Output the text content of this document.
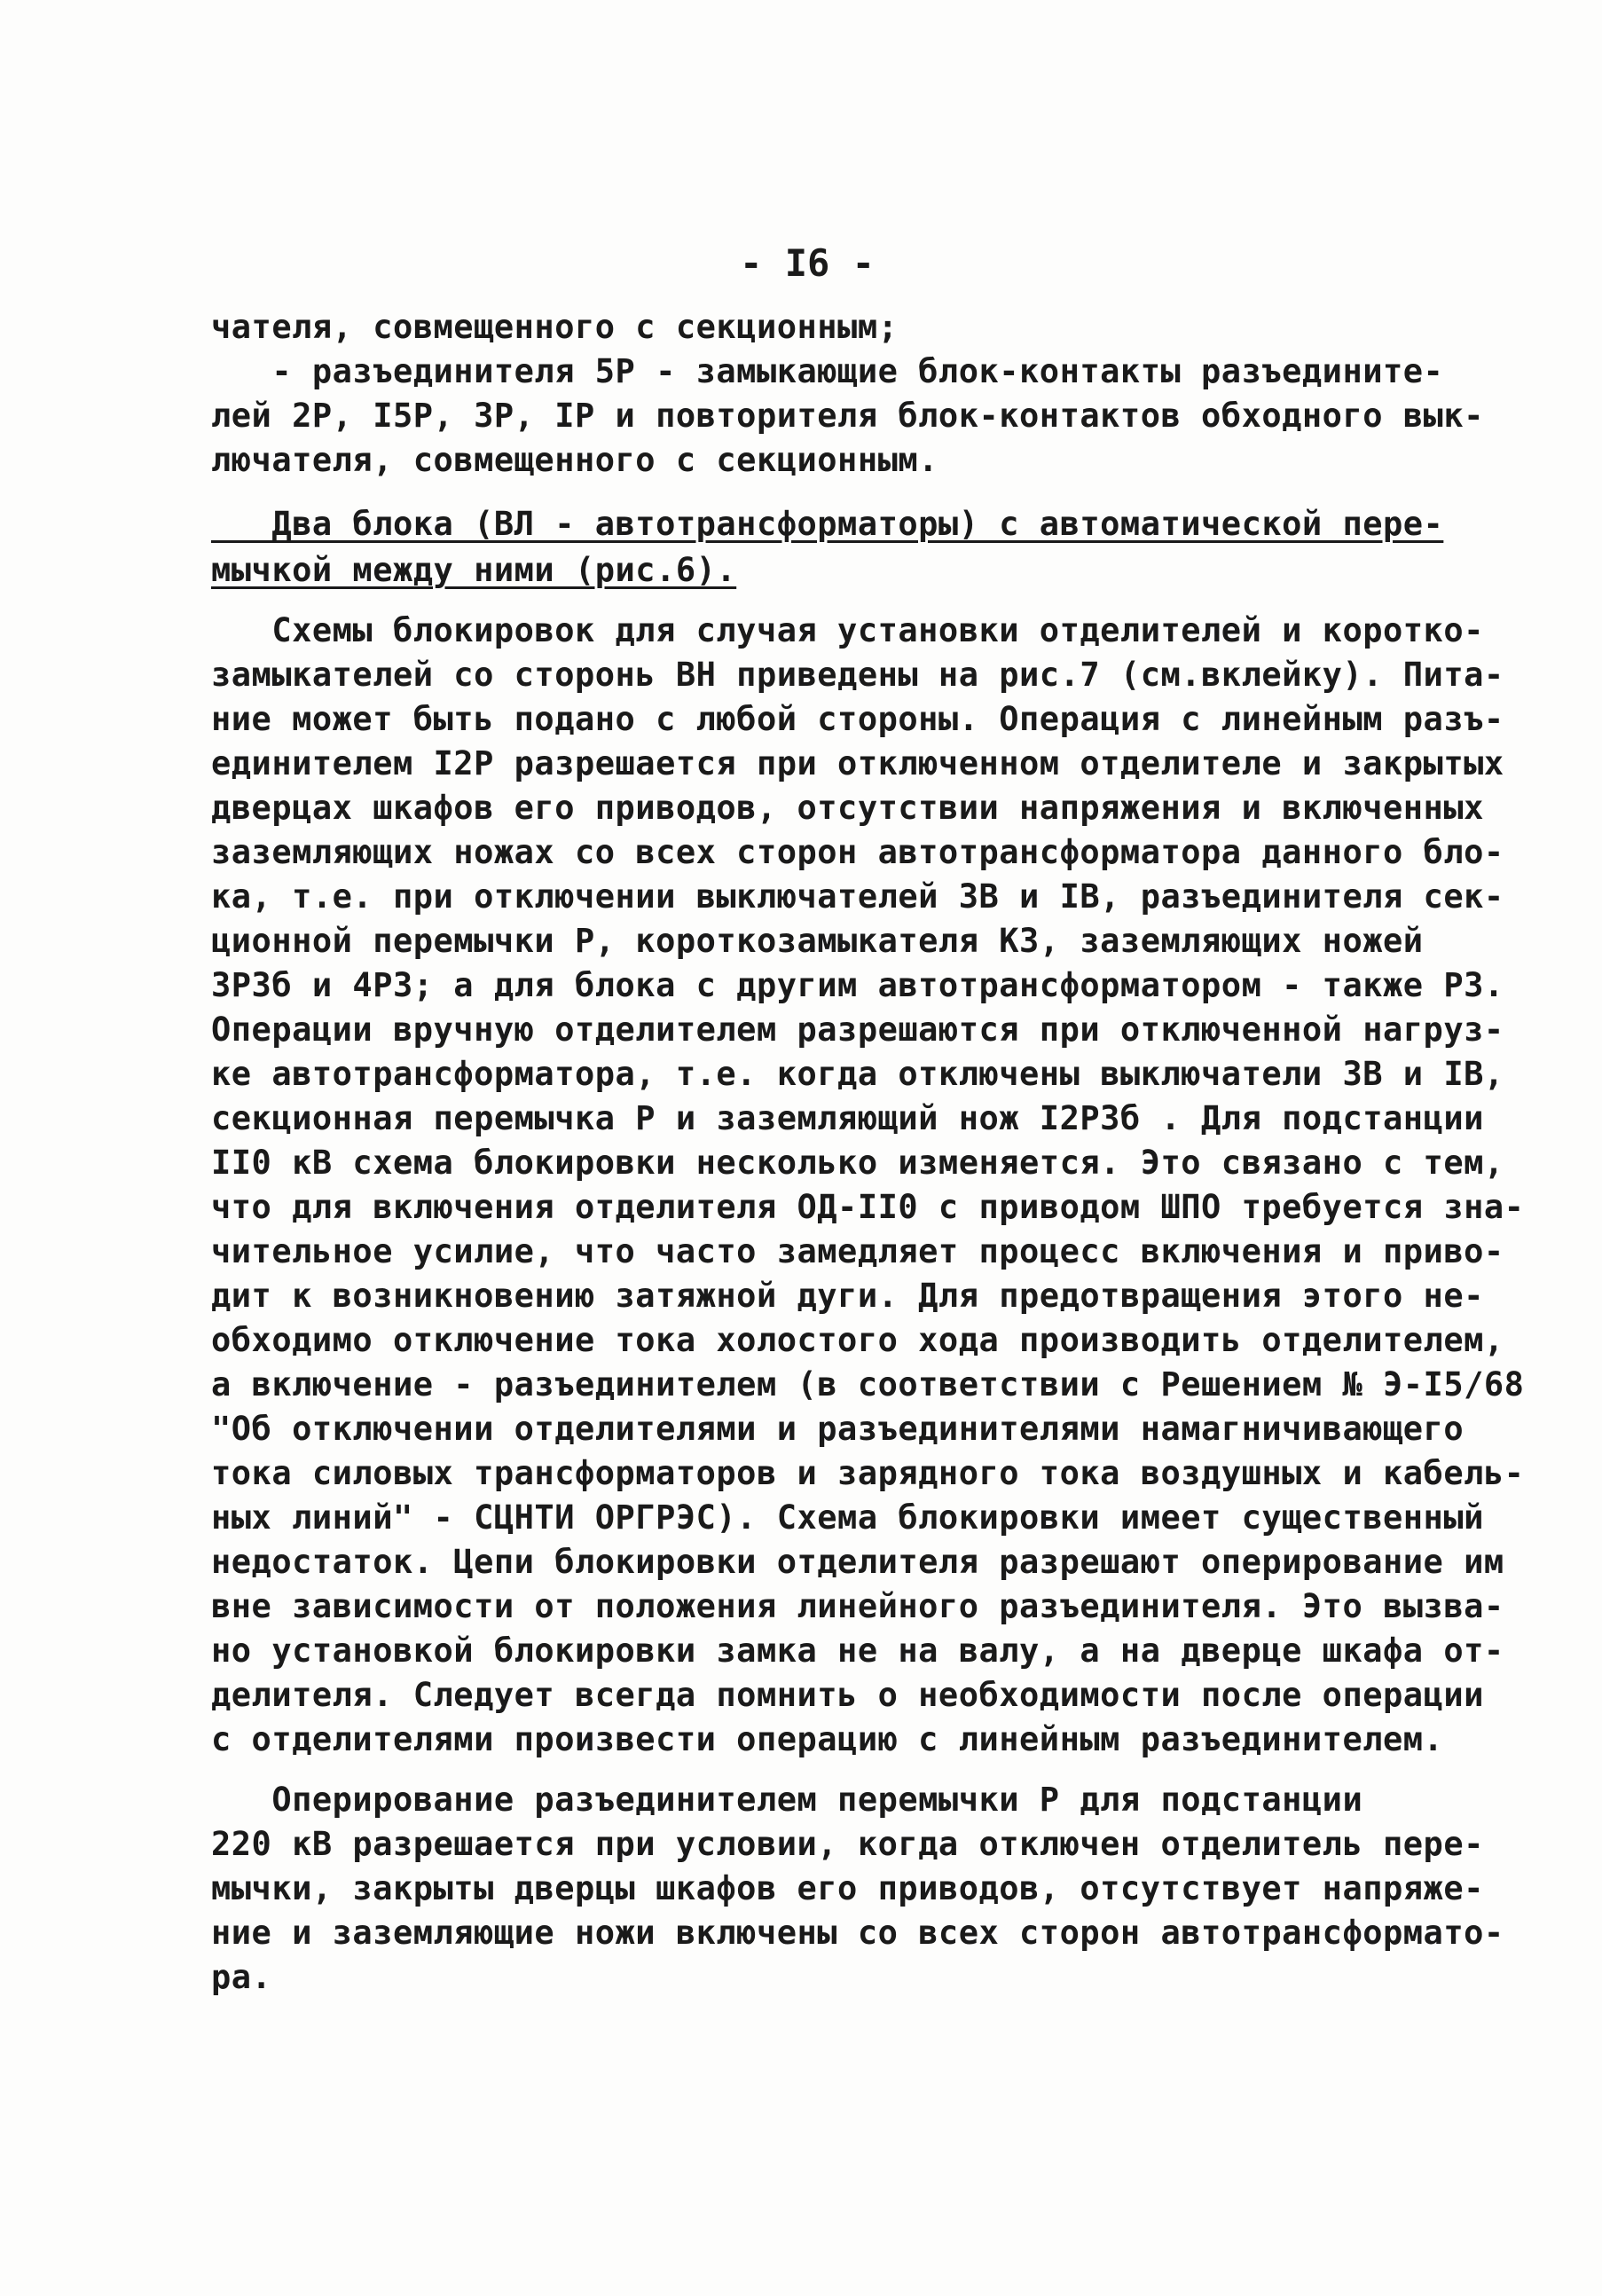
- I6 -
чателя, совмещенного с секционным;
- разъединителя 5Р - замыкающие блок-контакты разъедините-
лей 2Р, I5Р, 3Р, IР и повторителя блок-контактов обходного вык-
лючателя, совмещенного с секционным.
Два блока (ВЛ - автотрансформаторы) с автоматической пере-
мычкой между ними (рис.6).
Схемы блокировок для случая установки отделителей и коротко-
замыкателей со сторонь ВН приведены на рис.7 (см.вклейку). Пита-
ние может быть подано с любой стороны. Операция с линейным разъ-
единителем I2Р разрешается при отключенном отделителе и закрытых
дверцах шкафов его приводов, отсутствии напряжения и включенных
заземляющих ножах со всех сторон автотрансформатора данного бло-
ка, т.е. при отключении выключателей 3В и IВ, разъединителя сек-
ционной перемычки Р, короткозамыкателя КЗ, заземляющих ножей
3Р3б и 4Р3; а для блока с другим автотрансформатором - также Р3.
Операции вручную отделителем разрешаются при отключенной нагруз-
ке автотрансформатора, т.е. когда отключены выключатели 3В и IВ,
секционная перемычка Р и заземляющий нож I2Р3б . Для подстанции
II0 кВ схема блокировки несколько изменяется. Это связано с тем,
что для включения отделителя ОД-II0 с приводом ШПО требуется зна-
чительное усилие, что часто замедляет процесс включения и приво-
дит к возникновению затяжной дуги. Для предотвращения этого не-
обходимо отключение тока холостого хода производить отделителем,
а включение - разъединителем (в соответствии с Решением № Э-I5/68
"Об отключении отделителями и разъединителями намагничивающего
тока силовых трансформаторов и зарядного тока воздушных и кабель-
ных линий" - СЦНТИ ОРГРЭС). Схема блокировки имеет существенный
недостаток. Цепи блокировки отделителя разрешают оперирование им
вне зависимости от положения линейного разъединителя. Это вызва-
но установкой блокировки замка не на валу, а на дверце шкафа от-
делителя. Следует всегда помнить о необходимости после операции
с отделителями произвести операцию с линейным разъединителем.
Оперирование разъединителем перемычки Р для подстанции
220 кВ разрешается при условии, когда отключен отделитель пере-
мычки, закрыты дверцы шкафов его приводов, отсутствует напряже-
ние и заземляющие ножи включены со всех сторон автотрансформато-
ра.
